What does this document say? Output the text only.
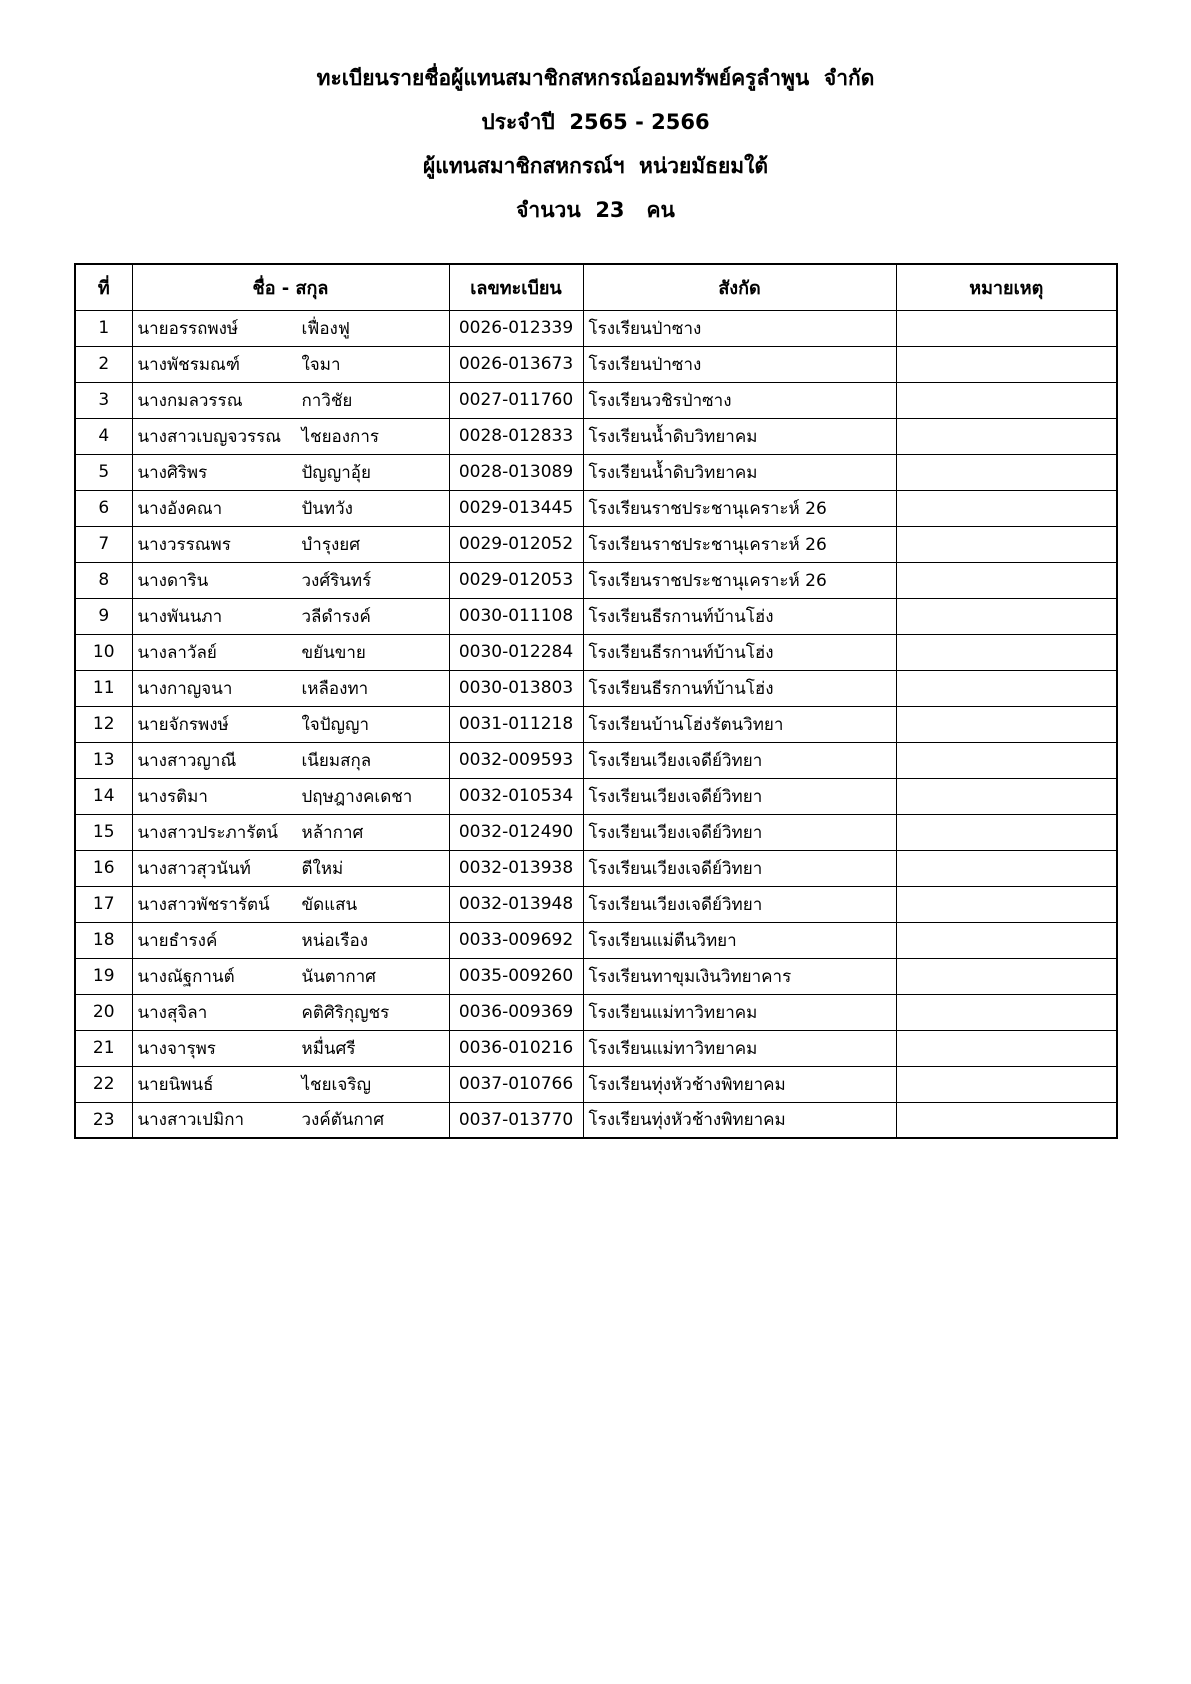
ทะเบียนรายชื่อผู้แทนสมาชิกสหกรณ์ออมทรัพย์ครูลำพูน  จำกัด
ประจำปี  2565 - 2566
ผู้แทนสมาชิกสหกรณ์ฯ  หน่วยมัธยมใต้
จำนวน  23   คน
ที่	ชื่อ - สกุล	เลขทะเบียน	สังกัด	หมายเหตุ
1	นายอรรถพงษ์ เฟื่องฟู	0026-012339	โรงเรียนป่าซาง	
2	นางพัชรมณฑ์ ใจมา	0026-013673	โรงเรียนป่าซาง	
3	นางกมลวรรณ กาวิชัย	0027-011760	โรงเรียนวชิรป่าซาง	
4	นางสาวเบญจวรรณ ไชยองการ	0028-012833	โรงเรียนน้ำดิบวิทยาคม	
5	นางศิริพร ปัญญาอุ้ย	0028-013089	โรงเรียนน้ำดิบวิทยาคม	
6	นางอังคณา ปันทวัง	0029-013445	โรงเรียนราชประชานุเคราะห์ 26	
7	นางวรรณพร บำรุงยศ	0029-012052	โรงเรียนราชประชานุเคราะห์ 26	
8	นางดาริน วงศ์รินทร์	0029-012053	โรงเรียนราชประชานุเคราะห์ 26	
9	นางพันนภา วลีดำรงค์	0030-011108	โรงเรียนธีรกานท์บ้านโฮ่ง	
10	นางลาวัลย์ ขยันขาย	0030-012284	โรงเรียนธีรกานท์บ้านโฮ่ง	
11	นางกาญจนา เหลืองทา	0030-013803	โรงเรียนธีรกานท์บ้านโฮ่ง	
12	นายจักรพงษ์ ใจปัญญา	0031-011218	โรงเรียนบ้านโฮ่งรัตนวิทยา	
13	นางสาวญาณี เนียมสกุล	0032-009593	โรงเรียนเวียงเจดีย์วิทยา	
14	นางรติมา ปฤษฎางคเดชา	0032-010534	โรงเรียนเวียงเจดีย์วิทยา	
15	นางสาวประภารัตน์ หล้ากาศ	0032-012490	โรงเรียนเวียงเจดีย์วิทยา	
16	นางสาวสุวนันท์ ตีใหม่	0032-013938	โรงเรียนเวียงเจดีย์วิทยา	
17	นางสาวพัชรารัตน์ ขัดแสน	0032-013948	โรงเรียนเวียงเจดีย์วิทยา	
18	นายธำรงค์ หน่อเรือง	0033-009692	โรงเรียนแม่ตืนวิทยา	
19	นางณัฐกานต์ นันตากาศ	0035-009260	โรงเรียนทาขุมเงินวิทยาคาร	
20	นางสุจิลา คติศิริกุญชร	0036-009369	โรงเรียนแม่ทาวิทยาคม	
21	นางจารุพร หมื่นศรี	0036-010216	โรงเรียนแม่ทาวิทยาคม	
22	นายนิพนธ์ ไชยเจริญ	0037-010766	โรงเรียนทุ่งหัวช้างพิทยาคม	
23	นางสาวเปมิกา วงค์ตันกาศ	0037-013770	โรงเรียนทุ่งหัวช้างพิทยาคม	
